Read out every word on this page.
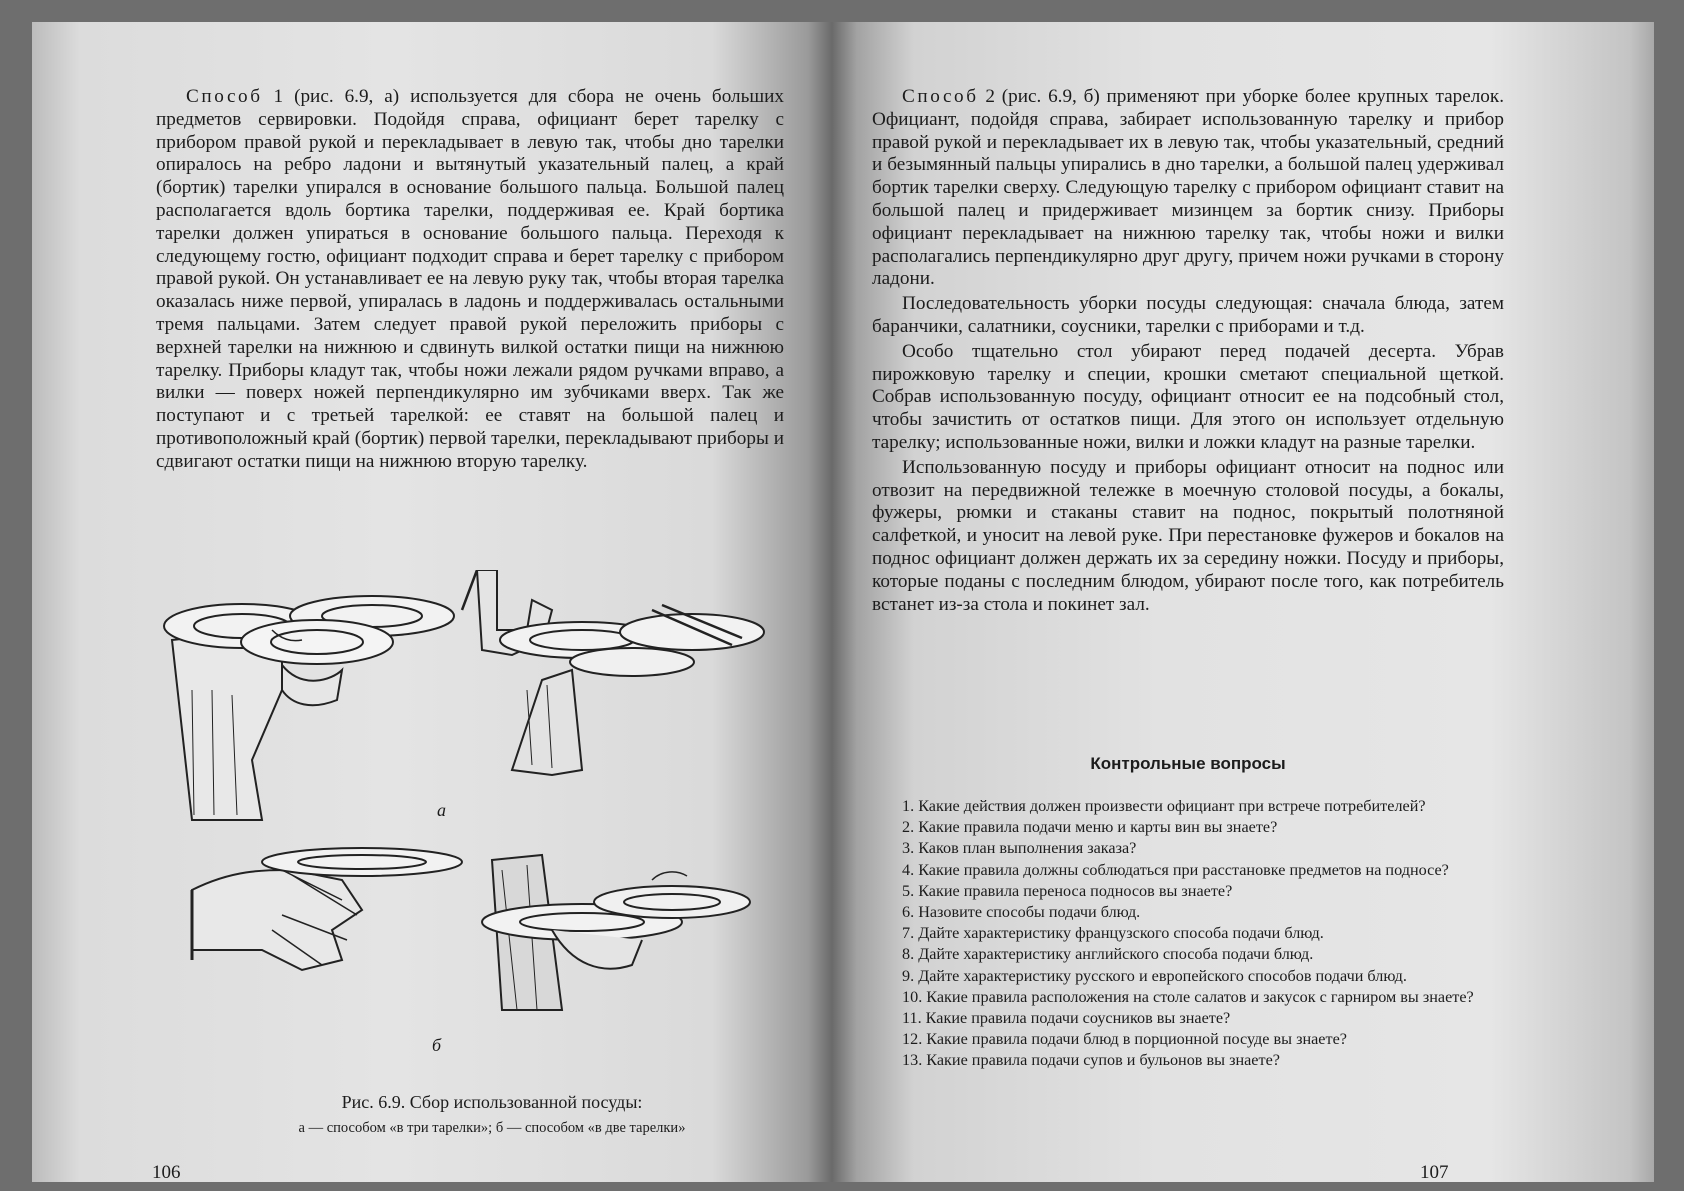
Способ 1 (рис. 6.9, а) используется для сбора не очень больших предметов сервировки. Подойдя справа, официант берет тарелку с прибором правой рукой и перекладывает в левую так, чтобы дно тарелки опиралось на ребро ладони и вытянутый указательный палец, а край (бортик) тарелки упирался в основание большого пальца. Большой палец располагается вдоль бортика тарелки, поддерживая ее. Край бортика тарелки должен упираться в основание большого пальца. Переходя к следующему гостю, официант подходит справа и берет тарелку с прибором правой рукой. Он устанавливает ее на левую руку так, чтобы вторая тарелка оказалась ниже первой, упиралась в ладонь и поддерживалась остальными тремя пальцами. Затем следует правой рукой переложить приборы с верхней тарелки на нижнюю и сдвинуть вилкой остатки пищи на нижнюю тарелку. Приборы кладут так, чтобы ножи лежали рядом ручками вправо, а вилки — поверх ножей перпендикулярно им зубчиками вверх. Так же поступают и с третьей тарелкой: ее ставят на большой палец и противоположный край (бортик) первой тарелки, перекладывают приборы и сдвигают остатки пищи на нижнюю вторую тарелку.

а
б
Рис. 6.9. Сбор использованной посуды:
а — способом «в три тарелки»; б — способом «в две тарелки»
106

Способ 2 (рис. 6.9, б) применяют при уборке более крупных тарелок. Официант, подойдя справа, забирает использованную тарелку и прибор правой рукой и перекладывает их в левую так, чтобы указательный, средний и безымянный пальцы упирались в дно тарелки, а большой палец удерживал бортик тарелки сверху. Следующую тарелку с прибором официант ставит на большой палец и придерживает мизинцем за бортик снизу. Приборы официант перекладывает на нижнюю тарелку так, чтобы ножи и вилки располагались перпендикулярно друг другу, причем ножи ручками в сторону ладони.

Последовательность уборки посуды следующая: сначала блюда, затем баранчики, салатники, соусники, тарелки с приборами и т.д.

Особо тщательно стол убирают перед подачей десерта. Убрав пирожковую тарелку и специи, крошки сметают специальной щеткой. Собрав использованную посуду, официант относит ее на подсобный стол, чтобы зачистить от остатков пищи. Для этого он использует отдельную тарелку; использованные ножи, вилки и ложки кладут на разные тарелки.

Использованную посуду и приборы официант относит на поднос или отвозит на передвижной тележке в моечную столовой посуды, а бокалы, фужеры, рюмки и стаканы ставит на поднос, покрытый полотняной салфеткой, и уносит на левой руке. При перестановке фужеров и бокалов на поднос официант должен держать их за середину ножки. Посуду и приборы, которые поданы с последним блюдом, убирают после того, как потребитель встанет из-за стола и покинет зал.

Контрольные вопросы
1. Какие действия должен произвести официант при встрече потребителей?
2. Какие правила подачи меню и карты вин вы знаете?
3. Каков план выполнения заказа?
4. Какие правила должны соблюдаться при расстановке предметов на подносе?
5. Какие правила переноса подносов вы знаете?
6. Назовите способы подачи блюд.
7. Дайте характеристику французского способа подачи блюд.
8. Дайте характеристику английского способа подачи блюд.
9. Дайте характеристику русского и европейского способов подачи блюд.
10. Какие правила расположения на столе салатов и закусок с гарниром вы знаете?
11. Какие правила подачи соусников вы знаете?
12. Какие правила подачи блюд в порционной посуде вы знаете?
13. Какие правила подачи супов и бульонов вы знаете?
107
